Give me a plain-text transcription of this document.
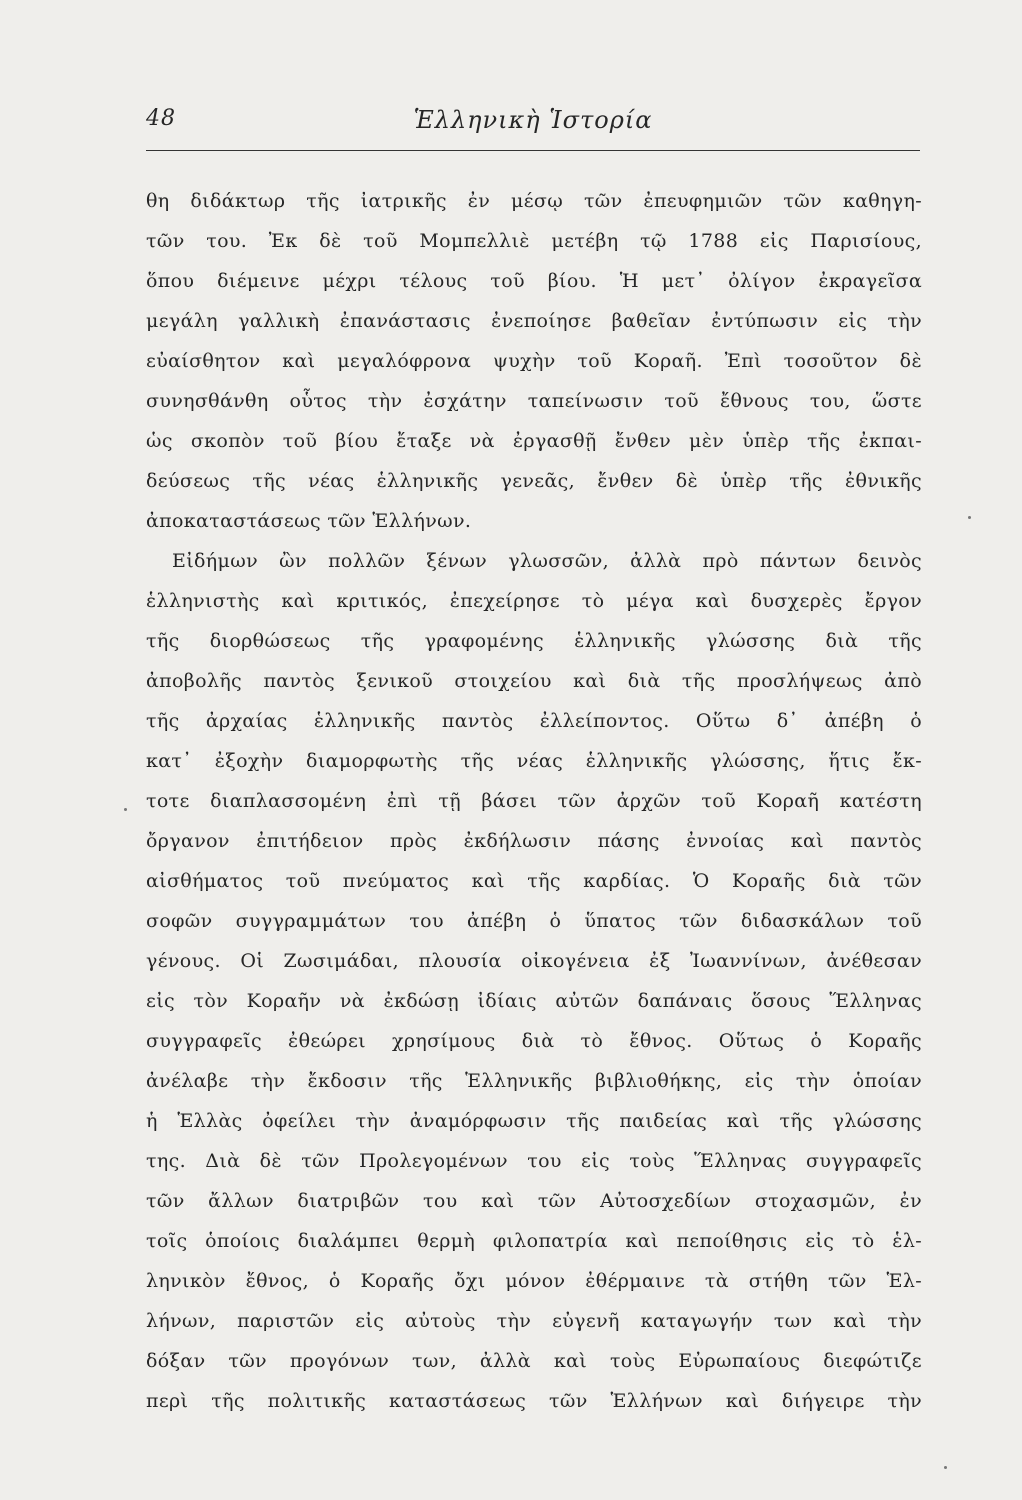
48	Ἑλληνικὴ Ἱστορία
θη διδάκτωρ τῆς ἰατρικῆς ἐν μέσῳ τῶν ἐπευφημιῶν τῶν καθηγη-
τῶν του. Ἐκ δὲ τοῦ Μομπελλιὲ μετέβη τῷ 1788 εἰς Παρισίους,
ὅπου διέμεινε μέχρι τέλους τοῦ βίου. Ἡ μετ᾽ ὀλίγον ἐκραγεῖσα
μεγάλη γαλλικὴ ἐπανάστασις ἐνεποίησε βαθεῖαν ἐντύπωσιν εἰς τὴν
εὐαίσθητον καὶ μεγαλόφρονα ψυχὴν τοῦ Κοραῆ. Ἐπὶ τοσοῦτον δὲ
συνησθάνθη οὗτος τὴν ἐσχάτην ταπείνωσιν τοῦ ἔθνους του, ὥστε
ὡς σκοπὸν τοῦ βίου ἔταξε νὰ ἐργασθῇ ἔνθεν μὲν ὑπὲρ τῆς ἐκπαι-
δεύσεως τῆς νέας ἑλληνικῆς γενεᾶς, ἔνθεν δὲ ὑπὲρ τῆς ἐθνικῆς
ἀποκαταστάσεως τῶν Ἑλλήνων.
Εἰδήμων ὢν πολλῶν ξένων γλωσσῶν, ἀλλὰ πρὸ πάντων δεινὸς
ἑλληνιστὴς καὶ κριτικός, ἐπεχείρησε τὸ μέγα καὶ δυσχερὲς ἔργον
τῆς διορθώσεως τῆς γραφομένης ἑλληνικῆς γλώσσης διὰ τῆς
ἀποβολῆς παντὸς ξενικοῦ στοιχείου καὶ διὰ τῆς προσλήψεως ἀπὸ
τῆς ἀρχαίας ἑλληνικῆς παντὸς ἐλλείποντος. Οὕτω δ᾽ ἀπέβη ὁ
κατ᾽ ἐξοχὴν διαμορφωτὴς τῆς νέας ἑλληνικῆς γλώσσης, ἥτις ἔκ-
τοτε διαπλασσομένη ἐπὶ τῇ βάσει τῶν ἀρχῶν τοῦ Κοραῆ κατέστη
ὄργανον ἐπιτήδειον πρὸς ἐκδήλωσιν πάσης ἐννοίας καὶ παντὸς
αἰσθήματος τοῦ πνεύματος καὶ τῆς καρδίας. Ὁ Κοραῆς διὰ τῶν
σοφῶν συγγραμμάτων του ἀπέβη ὁ ὕπατος τῶν διδασκάλων τοῦ
γένους. Οἱ Ζωσιμάδαι, πλουσία οἰκογένεια ἐξ Ἰωαννίνων, ἀνέθεσαν
εἰς τὸν Κοραῆν νὰ ἐκδώσῃ ἰδίαις αὐτῶν δαπάναις ὅσους Ἕλληνας
συγγραφεῖς ἐθεώρει χρησίμους διὰ τὸ ἔθνος. Οὕτως ὁ Κοραῆς
ἀνέλαβε τὴν ἔκδοσιν τῆς Ἑλληνικῆς βιβλιοθήκης, εἰς τὴν ὁποίαν
ἡ Ἑλλὰς ὀφείλει τὴν ἀναμόρφωσιν τῆς παιδείας καὶ τῆς γλώσσης
της. Διὰ δὲ τῶν Προλεγομένων του εἰς τοὺς Ἕλληνας συγγραφεῖς
τῶν ἄλλων διατριβῶν του καὶ τῶν Αὐτοσχεδίων στοχασμῶν, ἐν
τοῖς ὁποίοις διαλάμπει θερμὴ φιλοπατρία καὶ πεποίθησις εἰς τὸ ἑλ-
ληνικὸν ἔθνος, ὁ Κοραῆς ὄχι μόνον ἐθέρμαινε τὰ στήθη τῶν Ἑλ-
λήνων, παριστῶν εἰς αὐτοὺς τὴν εὐγενῆ καταγωγήν των καὶ τὴν
δόξαν τῶν προγόνων των, ἀλλὰ καὶ τοὺς Εὐρωπαίους διεφώτιζε
περὶ τῆς πολιτικῆς καταστάσεως τῶν Ἑλλήνων καὶ διήγειρε τὴν
